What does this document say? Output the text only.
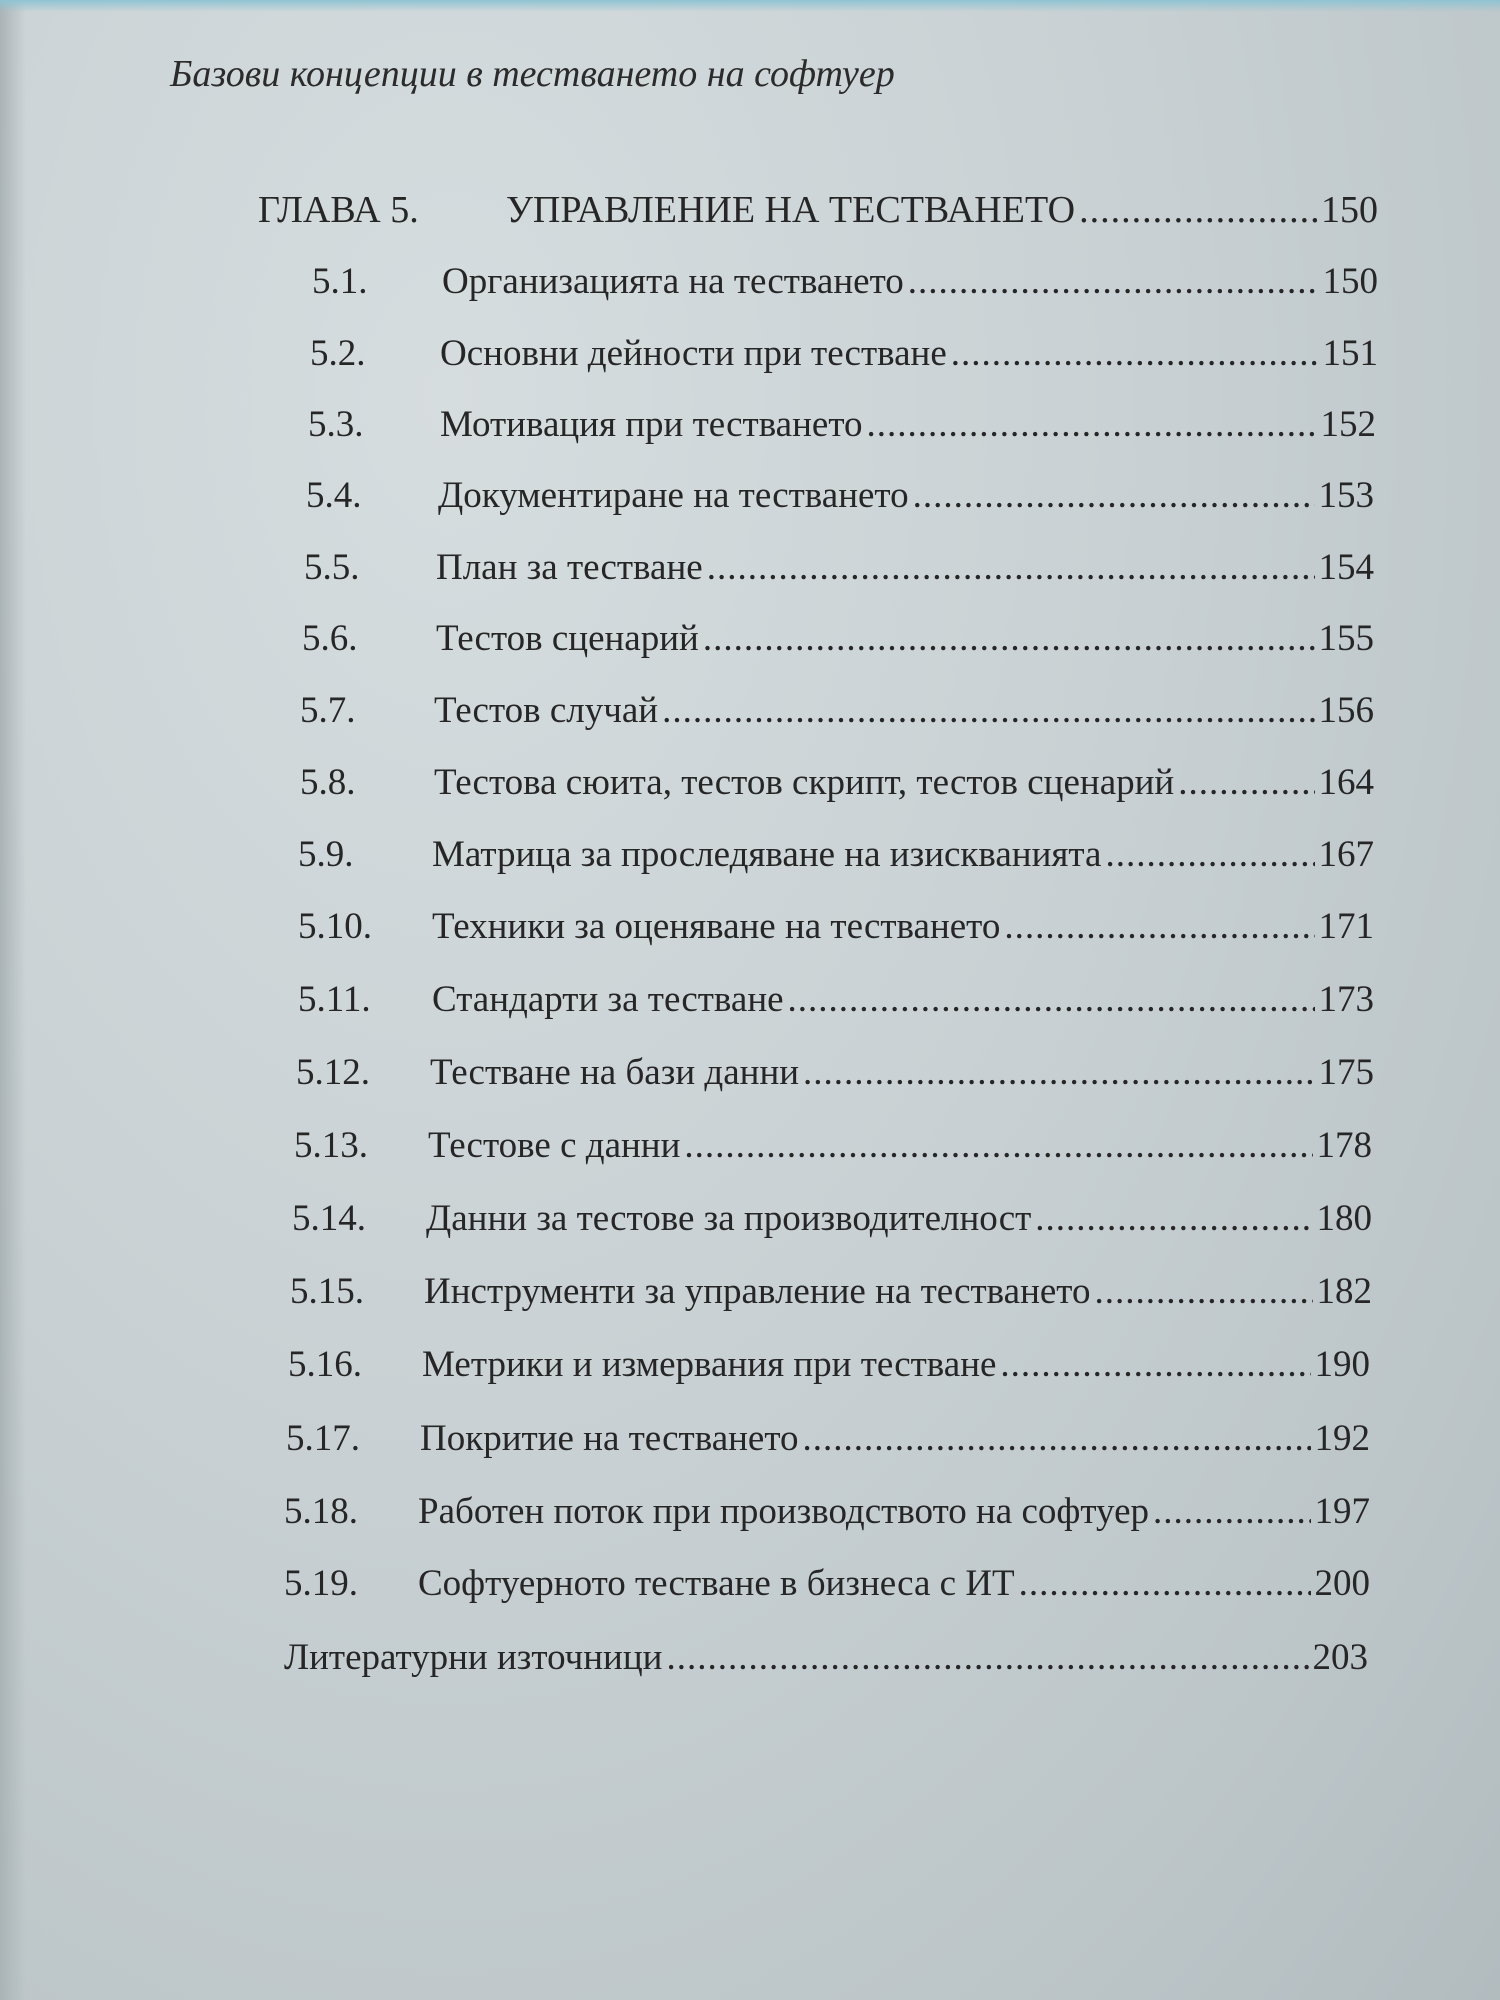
Базови концепции в тестването на софтуер
ГЛАВА 5.	УПРАВЛЕНИЕ НА ТЕСТВАНЕТО .....	150
5.1.	Организацията на тестването .....	150
5.2.	Основни дейности при тестване .....	151
5.3.	Мотивация при тестването .....	152
5.4.	Документиране на тестването .....	153
5.5.	План за тестване .....	154
5.6.	Тестов сценарий .....	155
5.7.	Тестов случай .....	156
5.8.	Тестова сюита, тестов скрипт, тестов сценарий .....	164
5.9.	Матрица за проследяване на изискванията .....	167
5.10.	Техники за оценяване на тестването .....	171
5.11.	Стандарти за тестване .....	173
5.12.	Тестване на бази данни .....	175
5.13.	Тестове с данни .....	178
5.14.	Данни за тестове за производителност .....	180
5.15.	Инструменти за управление на тестването .....	182
5.16.	Метрики и измервания при тестване .....	190
5.17.	Покритие на тестването .....	192
5.18.	Работен поток при производството на софтуер .....	197
5.19.	Софтуерното тестване в бизнеса с ИТ .....	200
Литературни източници .....	203
